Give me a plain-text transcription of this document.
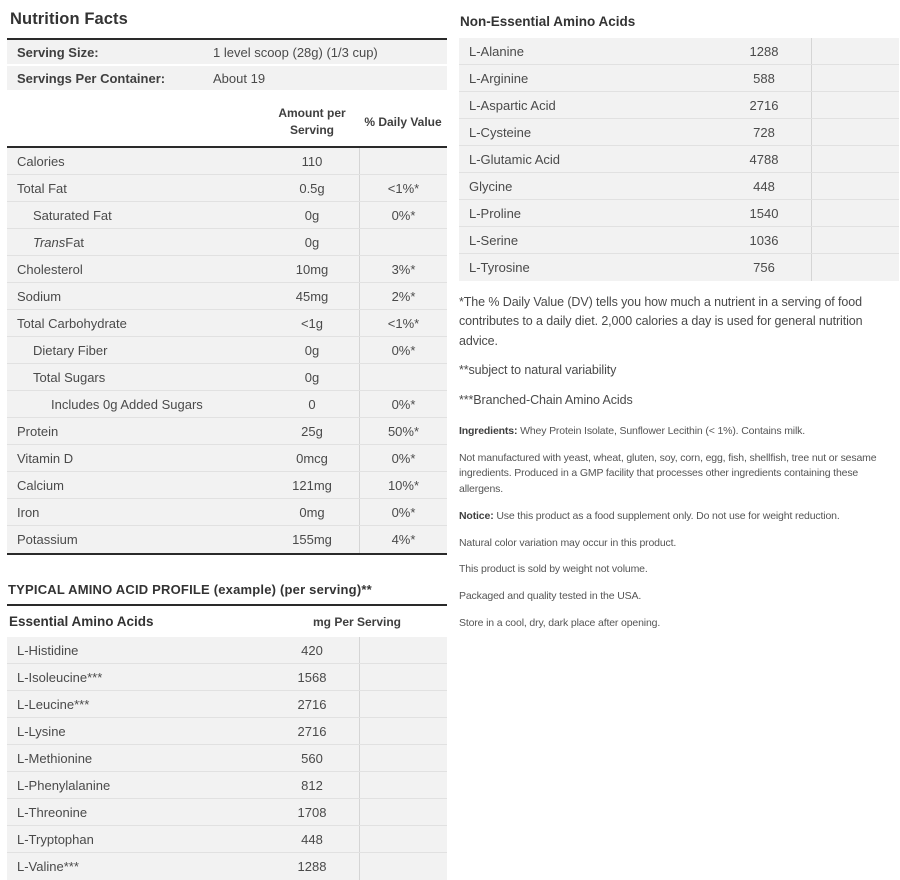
Nutrition Facts
Serving Size:	1 level scoop (28g) (1/3 cup)
Servings Per Container:	About 19
Amount per Serving
% Daily Value
Calories	110
Total Fat	0.5g	<1%*
Saturated Fat	0g	0%*
Trans Fat	0g
Cholesterol	10mg	3%*
Sodium	45mg	2%*
Total Carbohydrate	<1g	<1%*
Dietary Fiber	0g	0%*
Total Sugars	0g
Includes 0g Added Sugars	0	0%*
Protein	25g	50%*
Vitamin D	0mcg	0%*
Calcium	121mg	10%*
Iron	0mg	0%*
Potassium	155mg	4%*
TYPICAL AMINO ACID PROFILE (example) (per serving)**
Essential Amino Acids	mg Per Serving
L-Histidine	420
L-Isoleucine***	1568
L-Leucine***	2716
L-Lysine	2716
L-Methionine	560
L-Phenylalanine	812
L-Threonine	1708
L-Tryptophan	448
L-Valine***	1288
Non-Essential Amino Acids
L-Alanine	1288
L-Arginine	588
L-Aspartic Acid	2716
L-Cysteine	728
L-Glutamic Acid	4788
Glycine	448
L-Proline	1540
L-Serine	1036
L-Tyrosine	756

*The % Daily Value (DV) tells you how much a nutrient in a serving of food contributes to a daily diet. 2,000 calories a day is used for general nutrition advice.

**subject to natural variability

***Branched-Chain Amino Acids

Ingredients: Whey Protein Isolate, Sunflower Lecithin (< 1%). Contains milk.

Not manufactured with yeast, wheat, gluten, soy, corn, egg, fish, shellfish, tree nut or sesame ingredients. Produced in a GMP facility that processes other ingredients containing these allergens.

Notice: Use this product as a food supplement only. Do not use for weight reduction.

Natural color variation may occur in this product.

This product is sold by weight not volume.

Packaged and quality tested in the USA.

Store in a cool, dry, dark place after opening.
